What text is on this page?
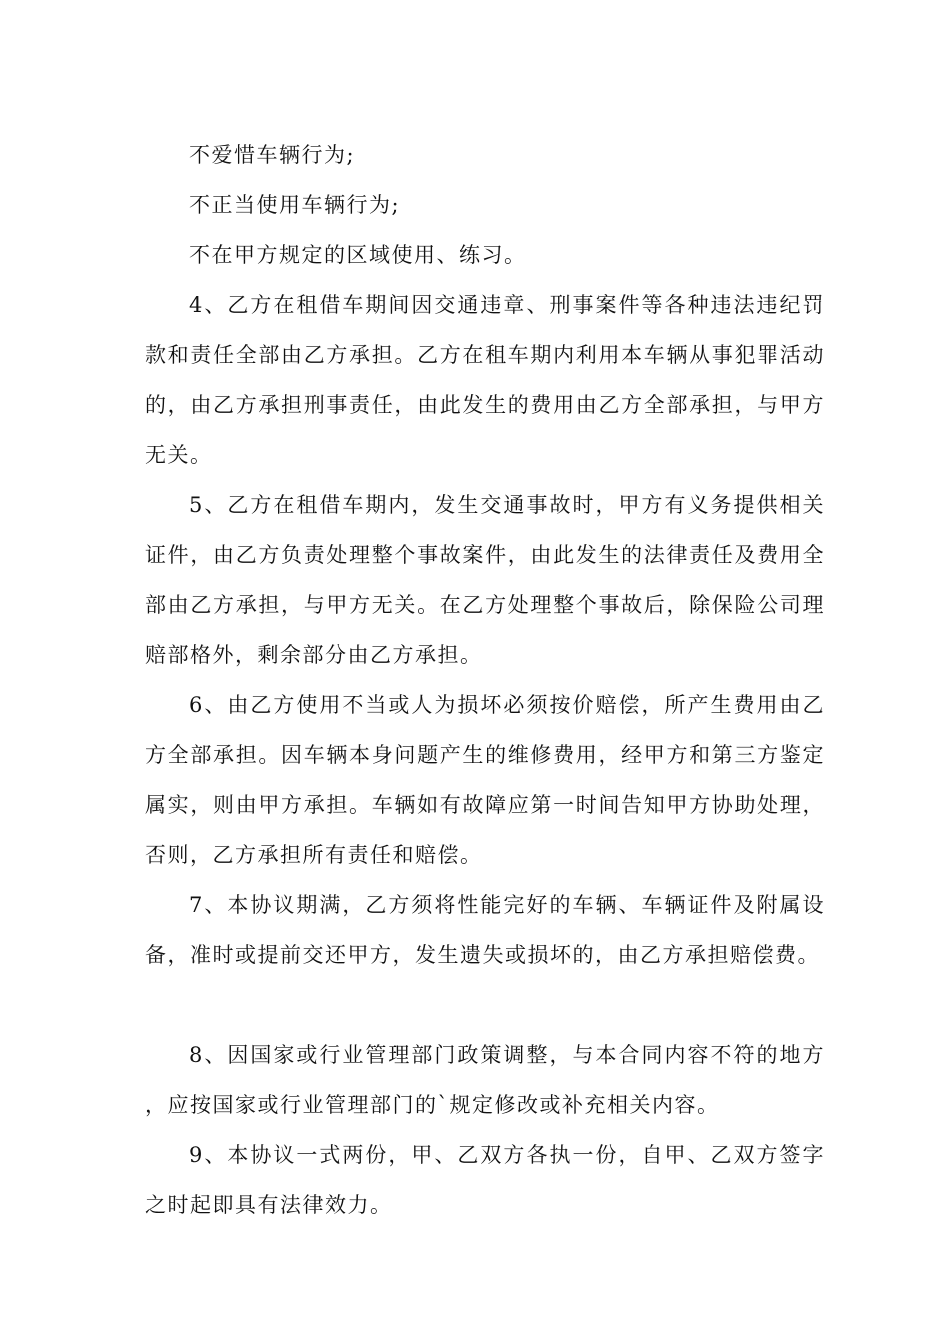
不爱惜车辆行为;

不正当使用车辆行为;

不在甲方规定的区域使用、练习。

4、乙方在租借车期间因交通违章、刑事案件等各种违法违纪罚款和责任全部由乙方承担。乙方在租车期内利用本车辆从事犯罪活动的，由乙方承担刑事责任，由此发生的费用由乙方全部承担，与甲方无关。

5、乙方在租借车期内，发生交通事故时，甲方有义务提供相关证件，由乙方负责处理整个事故案件，由此发生的法律责任及费用全部由乙方承担，与甲方无关。在乙方处理整个事故后，除保险公司理赔部格外，剩余部分由乙方承担。

6、由乙方使用不当或人为损坏必须按价赔偿，所产生费用由乙方全部承担。因车辆本身问题产生的维修费用，经甲方和第三方鉴定属实，则由甲方承担。车辆如有故障应第一时间告知甲方协助处理，否则，乙方承担所有责任和赔偿。

7、本协议期满，乙方须将性能完好的车辆、车辆证件及附属设备，准时或提前交还甲方，发生遗失或损坏的，由乙方承担赔偿费。

8、因国家或行业管理部门政策调整，与本合同内容不符的地方，应按国家或行业管理部门的`规定修改或补充相关内容。

9、本协议一式两份，甲、乙双方各执一份，自甲、乙双方签字之时起即具有法律效力。
